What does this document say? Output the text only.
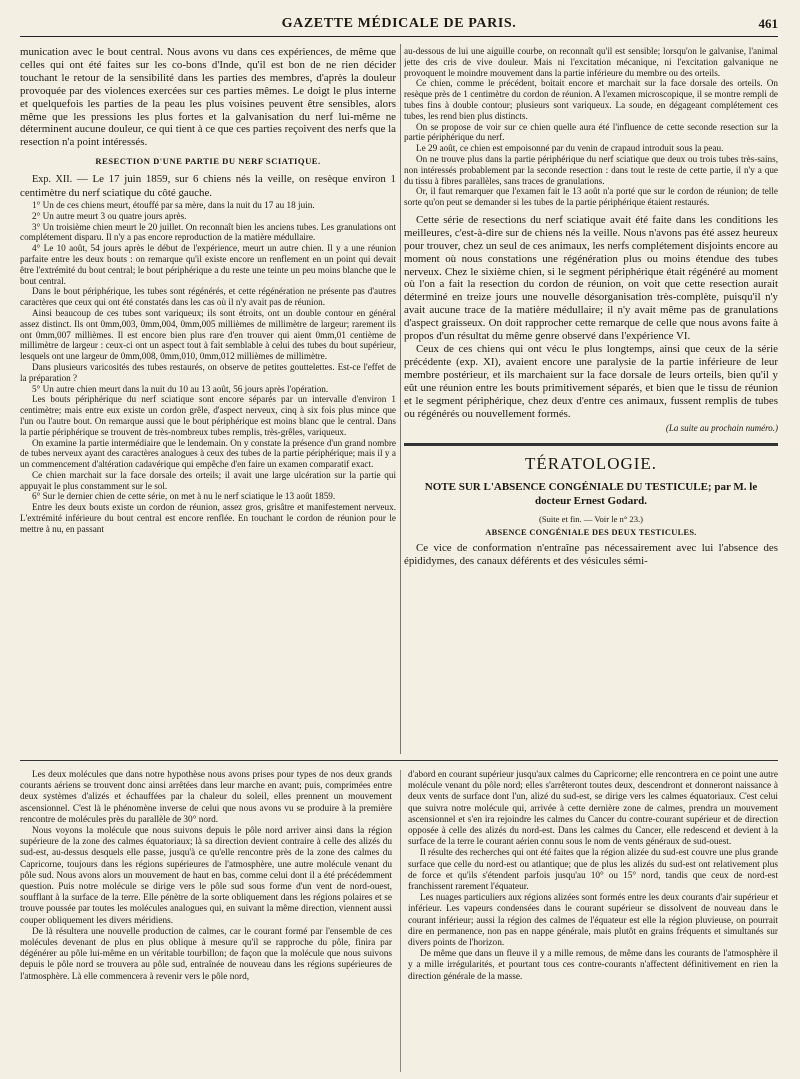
GAZETTE MÉDICALE DE PARIS.	461

munication avec le bout central. Nous avons vu dans ces expériences, de même que celles qui ont été faites sur les co-bons d'Inde, qu'il est bon de ne rien décider touchant le retour de la sensibilité dans les parties des membres, d'après la douleur provoquée par des violences exercées sur ces parties mêmes. Le doigt le plus interne et quelquefois les parties de la peau les plus voisines peuvent être sensibles, alors même que les pressions les plus fortes et la galvanisation du nerf lui-même ne déterminent aucune douleur, ce qui tient à ce que ces parties reçoivent des nerfs que la resection n'a point intéressés.

RESECTION D'UNE PARTIE DU NERF SCIATIQUE.

Exp. XII. — Le 17 juin 1859, sur 6 chiens nés la veille, on resèque environ 1 centimètre du nerf sciatique du côté gauche.

1° Un de ces chiens meurt, étouffé par sa mère, dans la nuit du 17 au 18 juin.

2° Un autre meurt 3 ou quatre jours après.

3° Un troisième chien meurt le 20 juillet. On reconnaît bien les anciens tubes. Les granulations ont complétement disparu. Il n'y a pas encore reproduction de la matière médullaire.

4° Le 10 août, 54 jours après le début de l'expérience, meurt un autre chien. Il y a une réunion parfaite entre les deux bouts : on remarque qu'il existe encore un renflement en un point qui devait être l'extrémité du bout central; le bout périphérique a du reste une teinte un peu moins blanche que le bout central.

Dans le bout périphérique, les tubes sont régénérés, et cette régénération ne présente pas d'autres caractères que ceux qui ont été constatés dans les cas où il n'y avait pas de réunion.

Ainsi beaucoup de ces tubes sont variqueux; ils sont étroits, ont un double contour en général assez distinct. Ils ont 0mm,003, 0mm,004, 0mm,005 millièmes de millimètre de largeur; rarement ils ont 0mm,007 millièmes. Il est encore bien plus rare d'en trouver qui aient 0mm,01 centième de millimètre de largeur : ceux-ci ont un aspect tout à fait semblable à celui des tubes du bout supérieur, lesquels ont une largeur de 0mm,008, 0mm,010, 0mm,012 millièmes de millimètre.

Dans plusieurs varicosités des tubes restaurés, on observe de petites gouttelettes. Est-ce l'effet de la préparation ?

5° Un autre chien meurt dans la nuit du 10 au 13 août, 56 jours après l'opération.

Les bouts périphérique du nerf sciatique sont encore séparés par un intervalle d'environ 1 centimètre; mais entre eux existe un cordon grêle, d'aspect nerveux, cinq à six fois plus mince que l'un ou l'autre bout. On remarque aussi que le bout périphérique est moins blanc que le central. Dans la partie périphérique se trouvent de très-nombreux tubes remplis, très-grêles, variqueux.

On examine la partie intermédiaire que le lendemain. On y constate la présence d'un grand nombre de tubes nerveux ayant des caractères analogues à ceux des tubes de la partie périphérique; mais il y a un commencement d'altération cadavérique qui empêche d'en faire un examen comparatif exact.

Ce chien marchait sur la face dorsale des orteils; il avait une large ulcération sur la partie qui appuyait le plus constamment sur le sol.

6° Sur le dernier chien de cette série, on met à nu le nerf sciatique le 13 août 1859.

Entre les deux bouts existe un cordon de réunion, assez gros, grisâtre et manifestement nerveux. L'extrémité inférieure du bout central est encore renflée. En touchant le cordon de réunion pour le mettre à nu, en passant

au-dessous de lui une aiguille courbe, on reconnaît qu'il est sensible; lorsqu'on le galvanise, l'animal jette des cris de vive douleur. Mais ni l'excitation mécanique, ni l'excitation galvanique ne provoquent le moindre mouvement dans la partie inférieure du membre ou des orteils.

Ce chien, comme le précédent, boitait encore et marchait sur la face dorsale des orteils. On resèque près de 1 centimètre du cordon de réunion. A l'examen microscopique, il se montre rempli de tubes fins à double contour; plusieurs sont variqueux. La soude, en dégageant complétement ces tubes, les rend bien plus distincts.

On se propose de voir sur ce chien quelle aura été l'influence de cette seconde resection sur la partie périphérique du nerf.

Le 29 août, ce chien est empoisonné par du venin de crapaud introduit sous la peau.

On ne trouve plus dans la partie périphérique du nerf sciatique que deux ou trois tubes très-sains, non intéressés probablement par la seconde resection : dans tout le reste de cette partie, il n'y a que du tissu à fibres parallèles, sans traces de granulations.

Or, il faut remarquer que l'examen fait le 13 août n'a porté que sur le cordon de réunion; de telle sorte qu'on peut se demander si les tubes de la partie périphérique étaient restaurés.

Cette série de resections du nerf sciatique avait été faite dans les conditions les meilleures, c'est-à-dire sur de chiens nés la veille. Nous n'avons pas été assez heureux pour trouver, chez un seul de ces animaux, les nerfs complétement disjoints encore au moment où nous constations une régénération plus ou moins étendue des tubes nerveux. Chez le sixième chien, si le segment périphérique était régénéré au moment où l'on a fait la resection du cordon de réunion, on voit que cette resection aurait déterminé en treize jours une nouvelle désorganisation très-complète, puisqu'il n'y avait aucune trace de la matière médullaire; il n'y avait même pas de granulations d'aspect graisseux. On doit rapprocher cette remarque de celle que nous avons faite à propos d'un résultat du même genre observé dans l'expérience VI.

Ceux de ces chiens qui ont vécu le plus longtemps, ainsi que ceux de la série précédente (exp. XI), avaient encore une paralysie de la partie inférieure de leur membre postérieur, et ils marchaient sur la face dorsale de leurs orteils, bien qu'il y eût une réunion entre les bouts primitivement séparés, et bien que le tissu de réunion et le segment périphérique, chez deux d'entre ces animaux, fussent remplis de tubes ou régénérés ou nouvellement formés.

(La suite au prochain numéro.)

TÉRATOLOGIE.

NOTE SUR L'ABSENCE CONGÉNIALE DU TESTICULE; par M. le docteur Ernest Godard.

(Suite et fin. — Voir le n° 23.)

ABSENCE CONGÉNIALE DES DEUX TESTICULES.

Ce vice de conformation n'entraîne pas nécessairement avec lui l'absence des épididymes, des canaux déférents et des vésicules sémi-

Les deux molécules que dans notre hypothèse nous avons prises pour types de nos deux grands courants aériens se trouvent donc ainsi arrêtées dans leur marche en avant; puis, comprimées entre deux systèmes d'alizés et échauffées par la chaleur du soleil, elles prennent un mouvement ascensionnel. C'est là le phénomène inverse de celui que nous avons vu se produire à la première rencontre de molécules près du parallèle de 30° nord.

Nous voyons la molécule que nous suivons depuis le pôle nord arriver ainsi dans la région supérieure de la zone des calmes équatoriaux; là sa direction devient contraire à celle des alizés du sud-est, au-dessus desquels elle passe, jusqu'à ce qu'elle rencontre près de la zone des calmes du Capricorne, toujours dans les régions supérieures de l'atmosphère, une autre molécule venant du pôle sud. Nous avons alors un mouvement de haut en bas, comme celui dont il a été précédemment question. Puis notre molécule se dirige vers le pôle sud sous forme d'un vent de nord-ouest, soufflant à la surface de la terre. Elle pénètre de la sorte obliquement dans les régions polaires et se trouve poussée par toutes les molécules analogues qui, en suivant la même direction, viennent aussi couper obliquement les divers méridiens.

De là résultera une nouvelle production de calmes, car le courant formé par l'ensemble de ces molécules devenant de plus en plus oblique à mesure qu'il se rapproche du pôle, finira par dégénérer au pôle lui-même en un véritable tourbillon; de façon que la molécule que nous suivons depuis le pôle nord se trouvera au pôle sud, entraînée de nouveau dans les régions supérieures de l'atmosphère. Là elle commencera à revenir vers le pôle nord,

d'abord en courant supérieur jusqu'aux calmes du Capricorne; elle rencontrera en ce point une autre molécule venant du pôle nord; elles s'arrêteront toutes deux, descendront et donneront naissance à deux vents de surface dont l'un, alizé du sud-est, se dirige vers les calmes équatoriaux. C'est celui que suivra notre molécule qui, arrivée à cette dernière zone de calmes, prendra un mouvement ascensionnel et s'en ira rejoindre les calmes du Cancer du contre-courant supérieur et de direction opposée à celle des alizés du nord-est. Dans les calmes du Cancer, elle redescend et devient à la surface de la terre le courant aérien connu sous le nom de vents généraux de sud-ouest.

Il résulte des recherches qui ont été faites que la région alizée du sud-est couvre une plus grande surface que celle du nord-est ou atlantique; que de plus les alizés du sud-est ont relativement plus de force et qu'ils s'étendent parfois jusqu'au 10° ou 15° nord, tandis que ceux de nord-est franchissent rarement l'équateur.

Les nuages particuliers aux régions alizées sont formés entre les deux courants d'air supérieur et inférieur. Les vapeurs condensées dans le courant supérieur se dissolvent de nouveau dans le courant inférieur; aussi la région des calmes de l'équateur est elle la région pluvieuse, on pourrait dire en permanence, non pas en nappe générale, mais plutôt en grains fréquents et simultanés sur divers points de l'horizon.

De même que dans un fleuve il y a mille remous, de même dans les courants de l'atmosphère il y a mille irrégularités, et pourtant tous ces contre-courants n'affectent définitivement en rien la direction générale de la masse.
